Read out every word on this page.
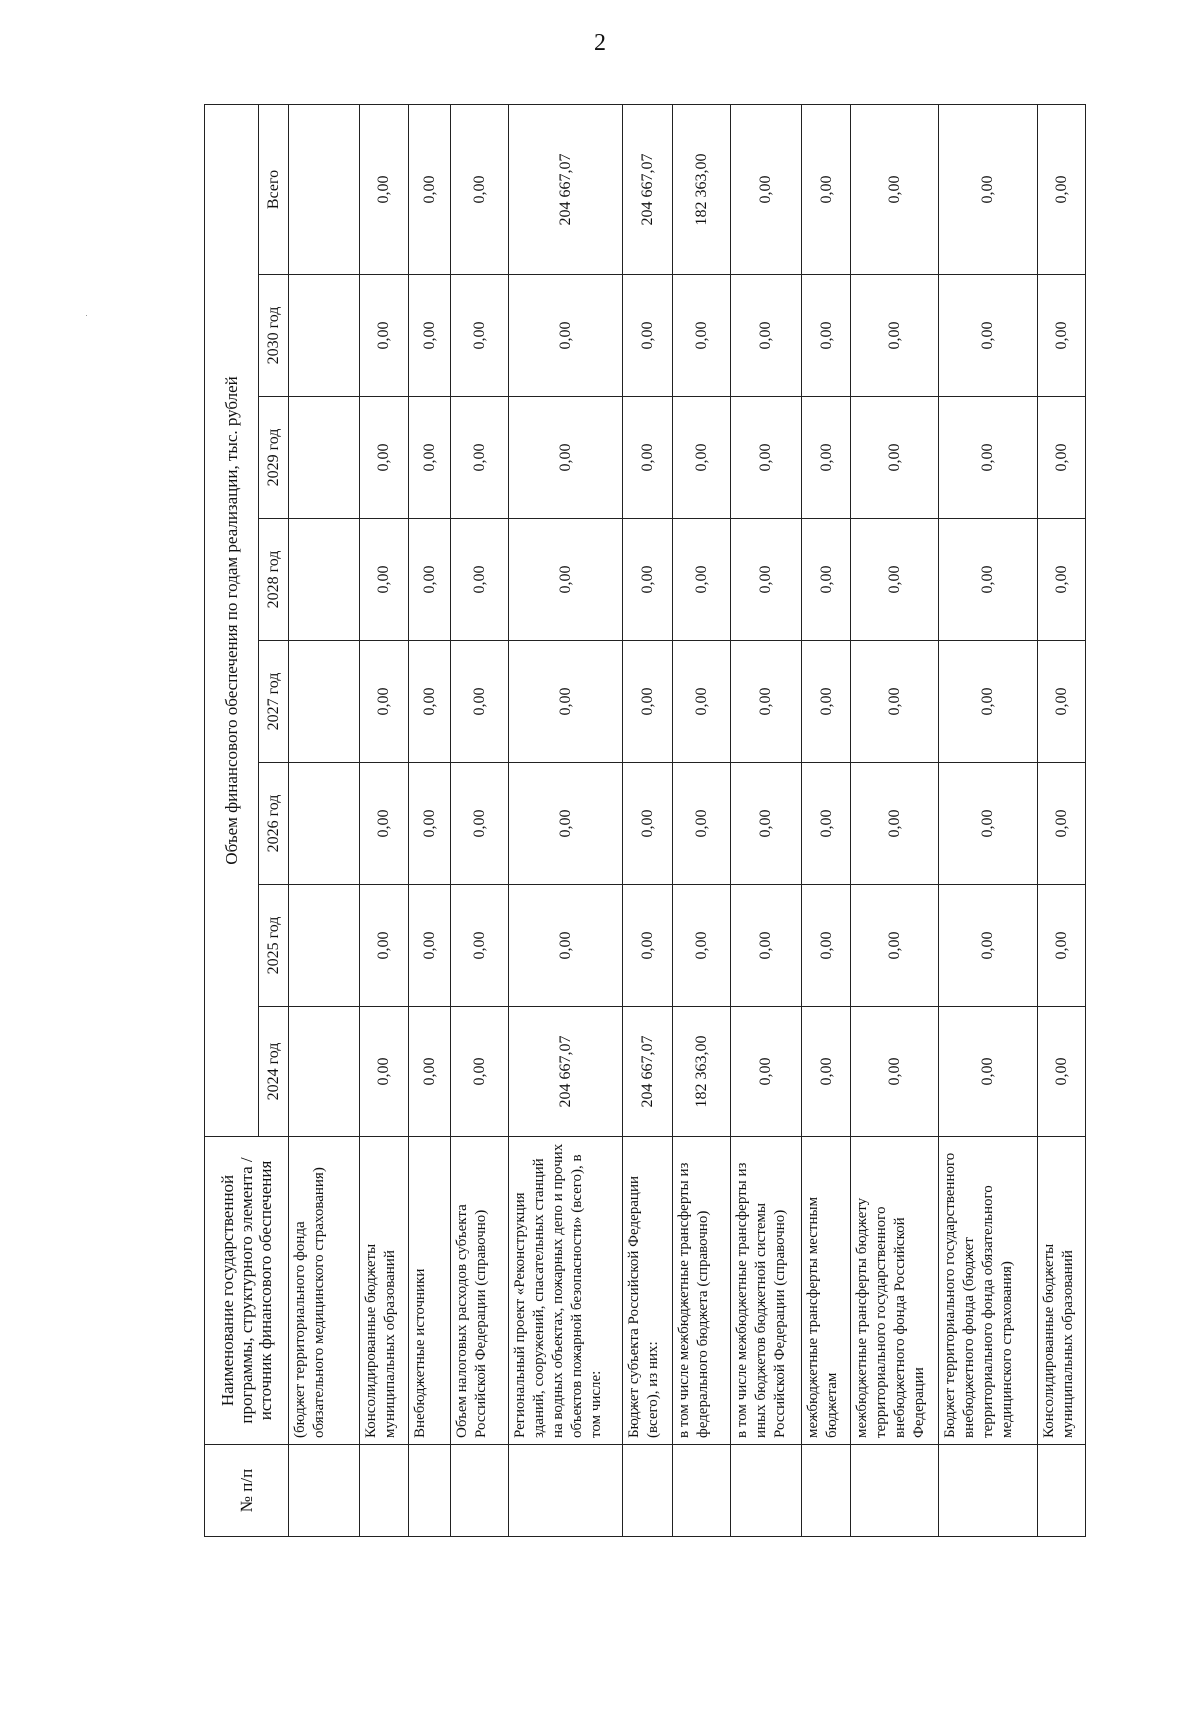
2
№ п/п	Наименование государственной программы, структурного элемента / источник финансового обеспечения	Объем финансового обеспечения по годам реализации, тыс. рублей							
		2024 год	2025 год	2026 год	2027 год	2028 год	2029 год	2030 год	Всего
	(бюджет территориального фонда обязательного медицинского страхования)								
	Консолидированные бюджеты муниципальных образований	0,00	0,00	0,00	0,00	0,00	0,00	0,00	0,00
	Внебюджетные источники	0,00	0,00	0,00	0,00	0,00	0,00	0,00	0,00
	Объем налоговых расходов субъекта Российской Федерации (справочно)	0,00	0,00	0,00	0,00	0,00	0,00	0,00	0,00
	Региональный проект «Реконструкция зданий, сооружений, спасательных станций на водных объектах, пожарных депо и прочих объектов пожарной безопасности» (всего), в том числе:	204 667,07	0,00	0,00	0,00	0,00	0,00	0,00	204 667,07
	Бюджет субъекта Российской Федерации (всего), из них:	204 667,07	0,00	0,00	0,00	0,00	0,00	0,00	204 667,07
	в том числе межбюджетные трансферты из федерального бюджета (справочно)	182 363,00	0,00	0,00	0,00	0,00	0,00	0,00	182 363,00
	в том числе межбюджетные трансферты из иных бюджетов бюджетной системы Российской Федерации (справочно)	0,00	0,00	0,00	0,00	0,00	0,00	0,00	0,00
	межбюджетные трансферты местным бюджетам	0,00	0,00	0,00	0,00	0,00	0,00	0,00	0,00
	межбюджетные трансферты бюджету территориального государственного внебюджетного фонда Российской Федерации	0,00	0,00	0,00	0,00	0,00	0,00	0,00	0,00
	Бюджет территориального государственного внебюджетного фонда (бюджет территориального фонда обязательного медицинского страхования)	0,00	0,00	0,00	0,00	0,00	0,00	0,00	0,00
	Консолидированные бюджеты муниципальных образований	0,00	0,00	0,00	0,00	0,00	0,00	0,00	0,00
